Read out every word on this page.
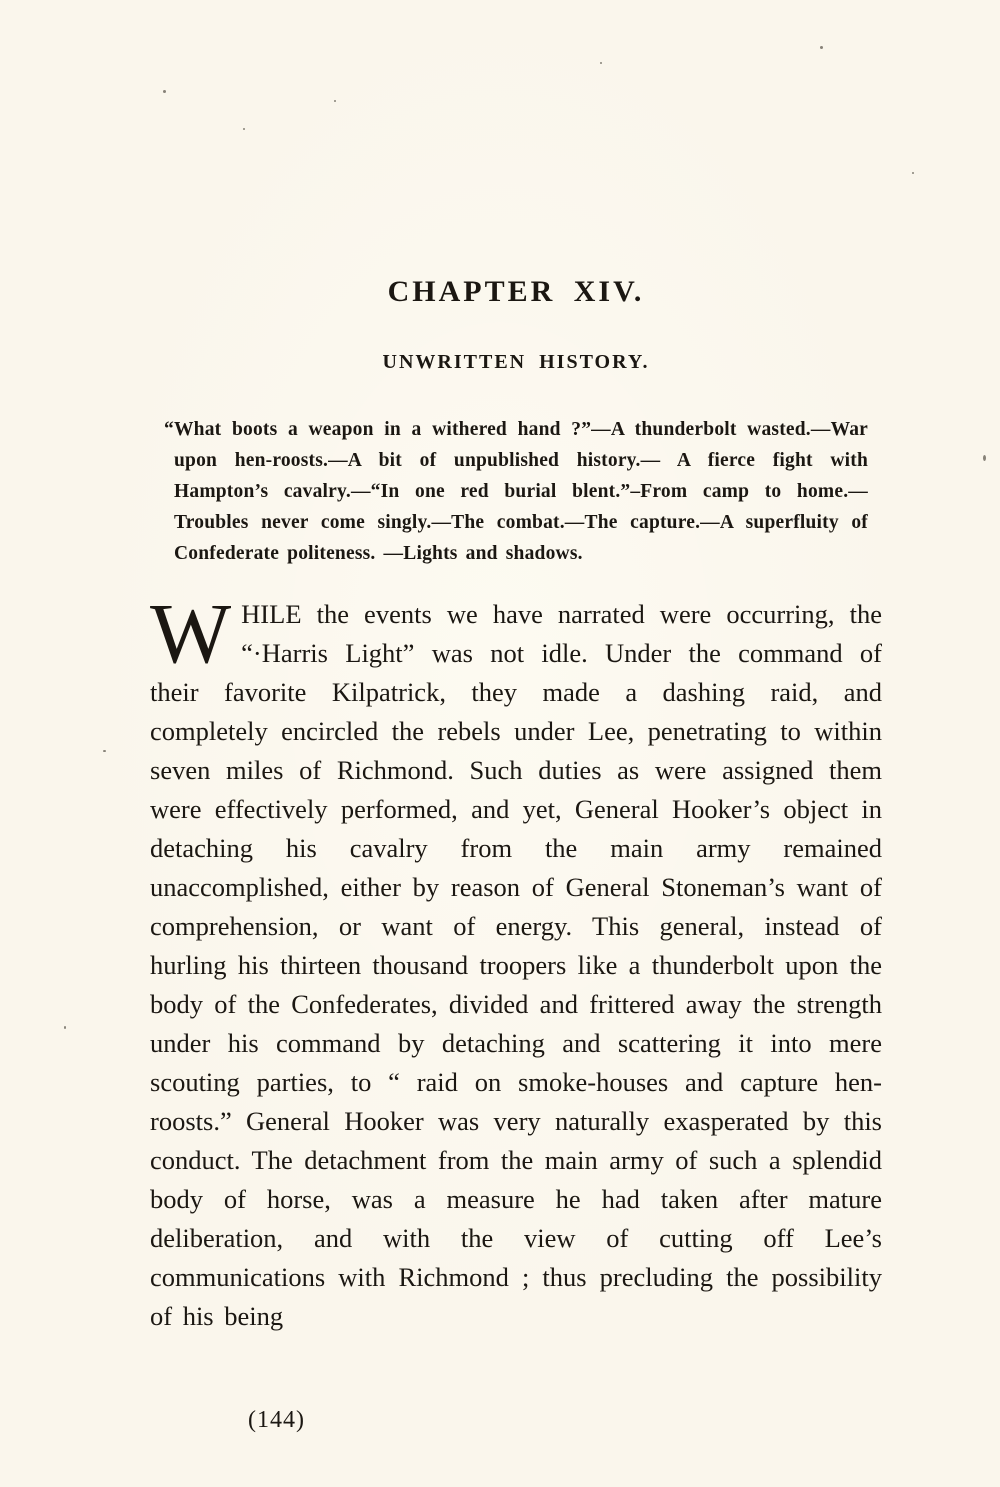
CHAPTER XIV.
UNWRITTEN HISTORY.

“What boots a weapon in a withered hand ?”—A thunderbolt wasted.—War upon hen-roosts.—A bit of unpublished history.— A fierce fight with Hampton’s cavalry.—“In one red burial blent.”–From camp to home.—Troubles never come singly.—The combat.—The capture.—A superfluity of Confederate politeness. —Lights and shadows.

WHILE the events we have narrated were occurring, the “·Harris Light” was not idle. Under the command of their favorite Kilpatrick, they made a dashing raid, and completely encircled the rebels under Lee, penetrating to within seven miles of Richmond. Such duties as were assigned them were effectively performed, and yet, General Hooker’s object in detaching his cavalry from the main army remained unaccomplished, either by reason of General Stoneman’s want of comprehension, or want of energy. This general, instead of hurling his thirteen thousand troopers like a thunderbolt upon the body of the Confederates, divided and frittered away the strength under his command by detaching and scattering it into mere scouting parties, to “ raid on smoke-houses and capture hen-roosts.” General Hooker was very naturally exasperated by this conduct. The detachment from the main army of such a splendid body of horse, was a measure he had taken after mature deliberation, and with the view of cutting off Lee’s communications with Richmond ; thus precluding the possibility of his being

(144)
